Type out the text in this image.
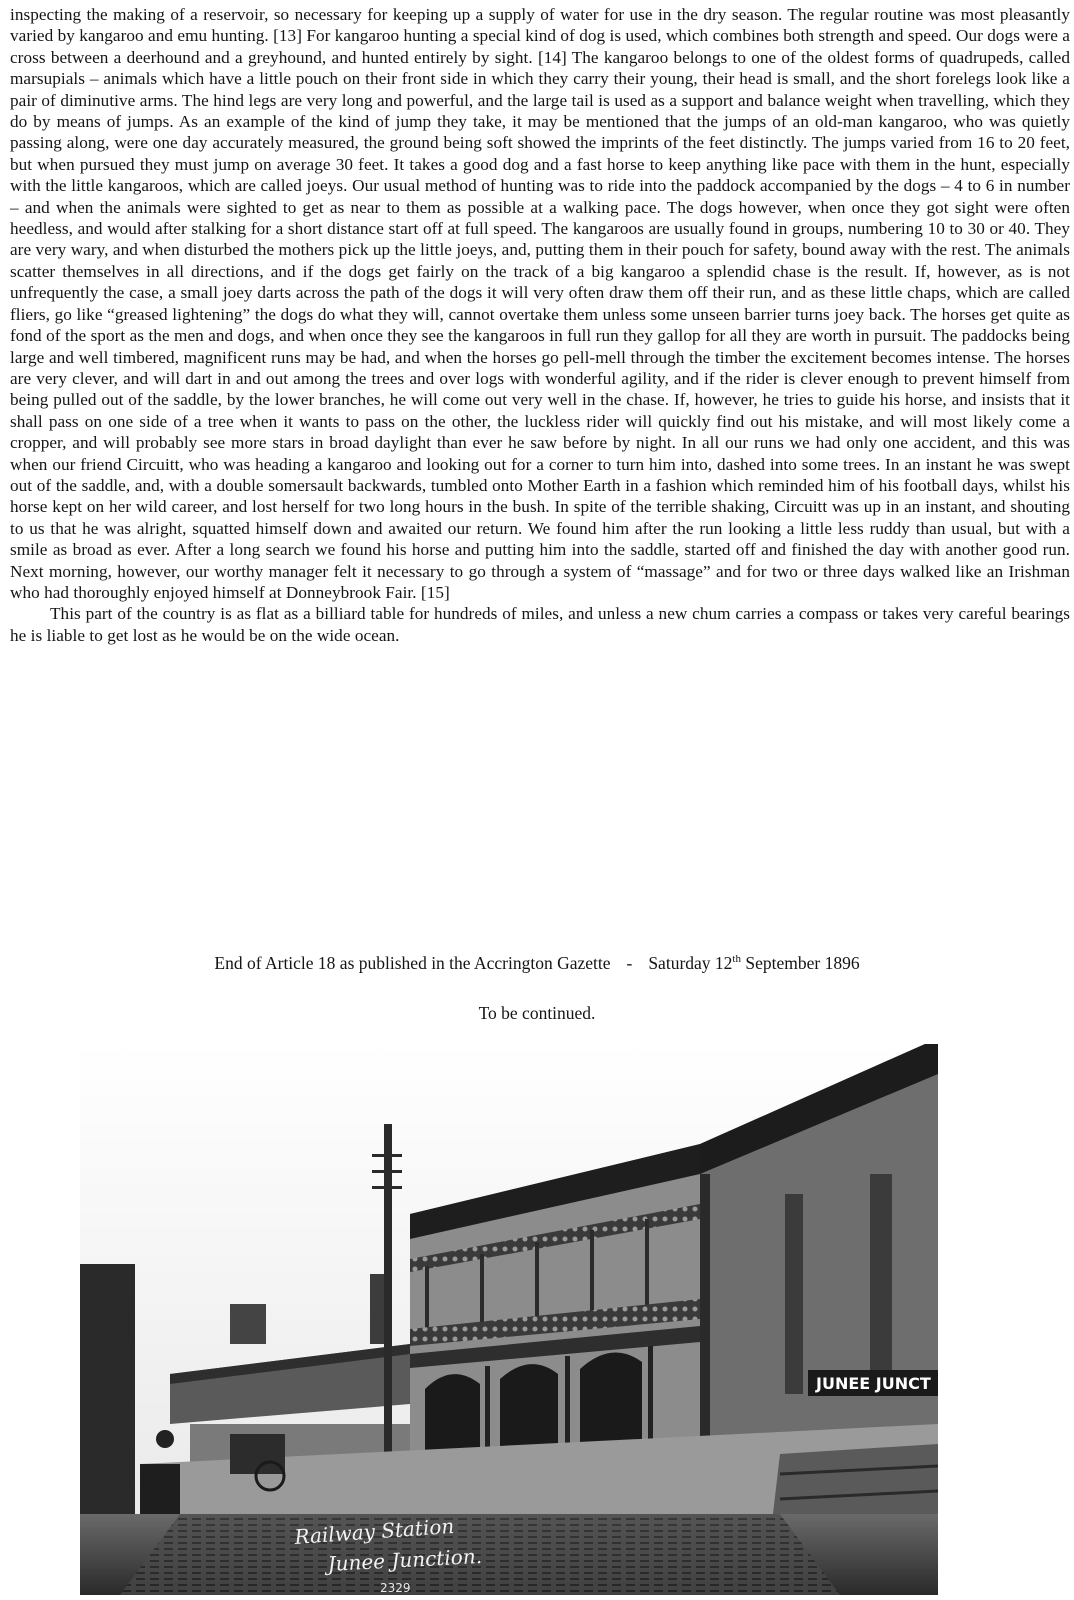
inspecting the making of a reservoir, so necessary for keeping up a supply of water for use in the dry season. The regular routine was most pleasantly varied by kangaroo and emu hunting. [13] For kangaroo hunting a special kind of dog is used, which combines both strength and speed. Our dogs were a cross between a deerhound and a greyhound, and hunted entirely by sight. [14] The kangaroo belongs to one of the oldest forms of quadrupeds, called marsupials – animals which have a little pouch on their front side in which they carry their young, their head is small, and the short forelegs look like a pair of diminutive arms. The hind legs are very long and powerful, and the large tail is used as a support and balance weight when travelling, which they do by means of jumps. As an example of the kind of jump they take, it may be mentioned that the jumps of an old-man kangaroo, who was quietly passing along, were one day accurately measured, the ground being soft showed the imprints of the feet distinctly. The jumps varied from 16 to 20 feet, but when pursued they must jump on average 30 feet. It takes a good dog and a fast horse to keep anything like pace with them in the hunt, especially with the little kangaroos, which are called joeys. Our usual method of hunting was to ride into the paddock accompanied by the dogs – 4 to 6 in number – and when the animals were sighted to get as near to them as possible at a walking pace. The dogs however, when once they got sight were often heedless, and would after stalking for a short distance start off at full speed. The kangaroos are usually found in groups, numbering 10 to 30 or 40. They are very wary, and when disturbed the mothers pick up the little joeys, and, putting them in their pouch for safety, bound away with the rest. The animals scatter themselves in all directions, and if the dogs get fairly on the track of a big kangaroo a splendid chase is the result. If, however, as is not unfrequently the case, a small joey darts across the path of the dogs it will very often draw them off their run, and as these little chaps, which are called fliers, go like “greased lightening” the dogs do what they will, cannot overtake them unless some unseen barrier turns joey back. The horses get quite as fond of the sport as the men and dogs, and when once they see the kangaroos in full run they gallop for all they are worth in pursuit. The paddocks being large and well timbered, magnificent runs may be had, and when the horses go pell-mell through the timber the excitement becomes intense. The horses are very clever, and will dart in and out among the trees and over logs with wonderful agility, and if the rider is clever enough to prevent himself from being pulled out of the saddle, by the lower branches, he will come out very well in the chase. If, however, he tries to guide his horse, and insists that it shall pass on one side of a tree when it wants to pass on the other, the luckless rider will quickly find out his mistake, and will most likely come a cropper, and will probably see more stars in broad daylight than ever he saw before by night. In all our runs we had only one accident, and this was when our friend Circuitt, who was heading a kangaroo and looking out for a corner to turn him into, dashed into some trees. In an instant he was swept out of the saddle, and, with a double somersault backwards, tumbled onto Mother Earth in a fashion which reminded him of his football days, whilst his horse kept on her wild career, and lost herself for two long hours in the bush. In spite of the terrible shaking, Circuitt was up in an instant, and shouting to us that he was alright, squatted himself down and awaited our return. We found him after the run looking a little less ruddy than usual, but with a smile as broad as ever. After a long search we found his horse and putting him into the saddle, started off and finished the day with another good run. Next morning, however, our worthy manager felt it necessary to go through a system of “massage” and for two or three days walked like an Irishman who had thoroughly enjoyed himself at Donneybrook Fair. [15]

This part of the country is as flat as a billiard table for hundreds of miles, and unless a new chum carries a compass or takes very careful bearings he is liable to get lost as he would be on the wide ocean.

End of Article 18 as published in the Accrington Gazette - Saturday 12th September 1896
To be continued.
JUNEE JUNCT
Railway Station
Junee Junction.
2329
